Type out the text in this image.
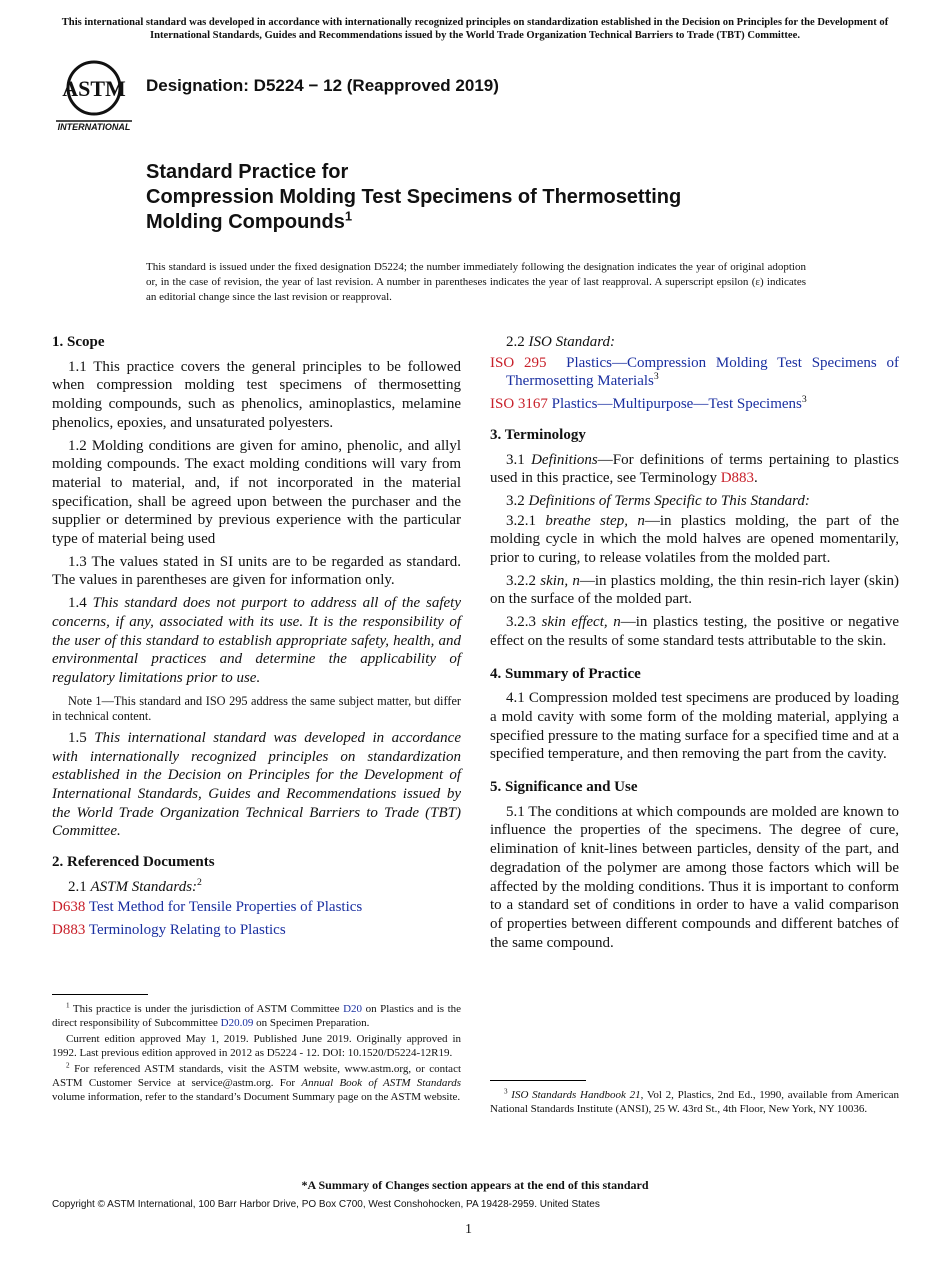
This international standard was developed in accordance with internationally recognized principles on standardization established in the Decision on Principles for the Development of International Standards, Guides and Recommendations issued by the World Trade Organization Technical Barriers to Trade (TBT) Committee.
ASTM
INTERNATIONAL
Designation: D5224 − 12 (Reapproved 2019)
Standard Practice for
Compression Molding Test Specimens of Thermosetting
Molding Compounds$^1$
This standard is issued under the fixed designation D5224; the number immediately following the designation indicates the year of original adoption or, in the case of revision, the year of last revision. A number in parentheses indicates the year of last reapproval. A superscript epsilon (ε) indicates an editorial change since the last revision or reapproval.
1. Scope

1.1 This practice covers the general principles to be followed when compression molding test specimens of thermosetting molding compounds, such as phenolics, aminoplastics, melamine phenolics, epoxies, and unsaturated polyesters.

1.2 Molding conditions are given for amino, phenolic, and allyl molding compounds. The exact molding conditions will vary from material to material, and, if not incorporated in the material specification, shall be agreed upon between the purchaser and the supplier or determined by previous experience with the particular type of material being used

1.3 The values stated in SI units are to be regarded as standard. The values in parentheses are given for information only.

1.4 This standard does not purport to address all of the safety concerns, if any, associated with its use. It is the responsibility of the user of this standard to establish appropriate safety, health, and environmental practices and determine the applicability of regulatory limitations prior to use.

Note 1—This standard and ISO 295 address the same subject matter, but differ in technical content.

1.5 This international standard was developed in accordance with internationally recognized principles on standardization established in the Decision on Principles for the Development of International Standards, Guides and Recommendations issued by the World Trade Organization Technical Barriers to Trade (TBT) Committee.

2. Referenced Documents

2.1 ASTM Standards:$^2$

D638 Test Method for Tensile Properties of Plastics

D883 Terminology Relating to Plastics

$^1$ This practice is under the jurisdiction of ASTM Committee D20 on Plastics and is the direct responsibility of Subcommittee D20.09 on Specimen Preparation.

Current edition approved May 1, 2019. Published June 2019. Originally approved in 1992. Last previous edition approved in 2012 as D5224 - 12. DOI: 10.1520/D5224-12R19.

$^2$ For referenced ASTM standards, visit the ASTM website, www.astm.org, or contact ASTM Customer Service at service@astm.org. For Annual Book of ASTM Standards volume information, refer to the standard’s Document Summary page on the ASTM website.

2.2 ISO Standard:

ISO 295 Plastics—Compression Molding Test Specimens of Thermosetting Materials$^3$

ISO 3167 Plastics—Multipurpose—Test Specimens$^3$

3. Terminology

3.1 Definitions—For definitions of terms pertaining to plastics used in this practice, see Terminology D883.

3.2 Definitions of Terms Specific to This Standard:

3.2.1 breathe step, n—in plastics molding, the part of the molding cycle in which the mold halves are opened momentarily, prior to curing, to release volatiles from the molded part.

3.2.2 skin, n—in plastics molding, the thin resin-rich layer (skin) on the surface of the molded part.

3.2.3 skin effect, n—in plastics testing, the positive or negative effect on the results of some standard tests attributable to the skin.

4. Summary of Practice

4.1 Compression molded test specimens are produced by loading a mold cavity with some form of the molding material, applying a specified pressure to the mating surface for a specified time and at a specified temperature, and then removing the part from the cavity.

5. Significance and Use

5.1 The conditions at which compounds are molded are known to influence the properties of the specimens. The degree of cure, elimination of knit-lines between particles, density of the part, and degradation of the polymer are among those factors which will be affected by the molding conditions. Thus it is important to conform to a standard set of conditions in order to have a valid comparison of properties between different compounds and different batches of the same compound.

$^3$ ISO Standards Handbook 21, Vol 2, Plastics, 2nd Ed., 1990, available from American National Standards Institute (ANSI), 25 W. 43rd St., 4th Floor, New York, NY 10036.

*A Summary of Changes section appears at the end of this standard
Copyright © ASTM International, 100 Barr Harbor Drive, PO Box C700, West Conshohocken, PA 19428-2959. United States
1
